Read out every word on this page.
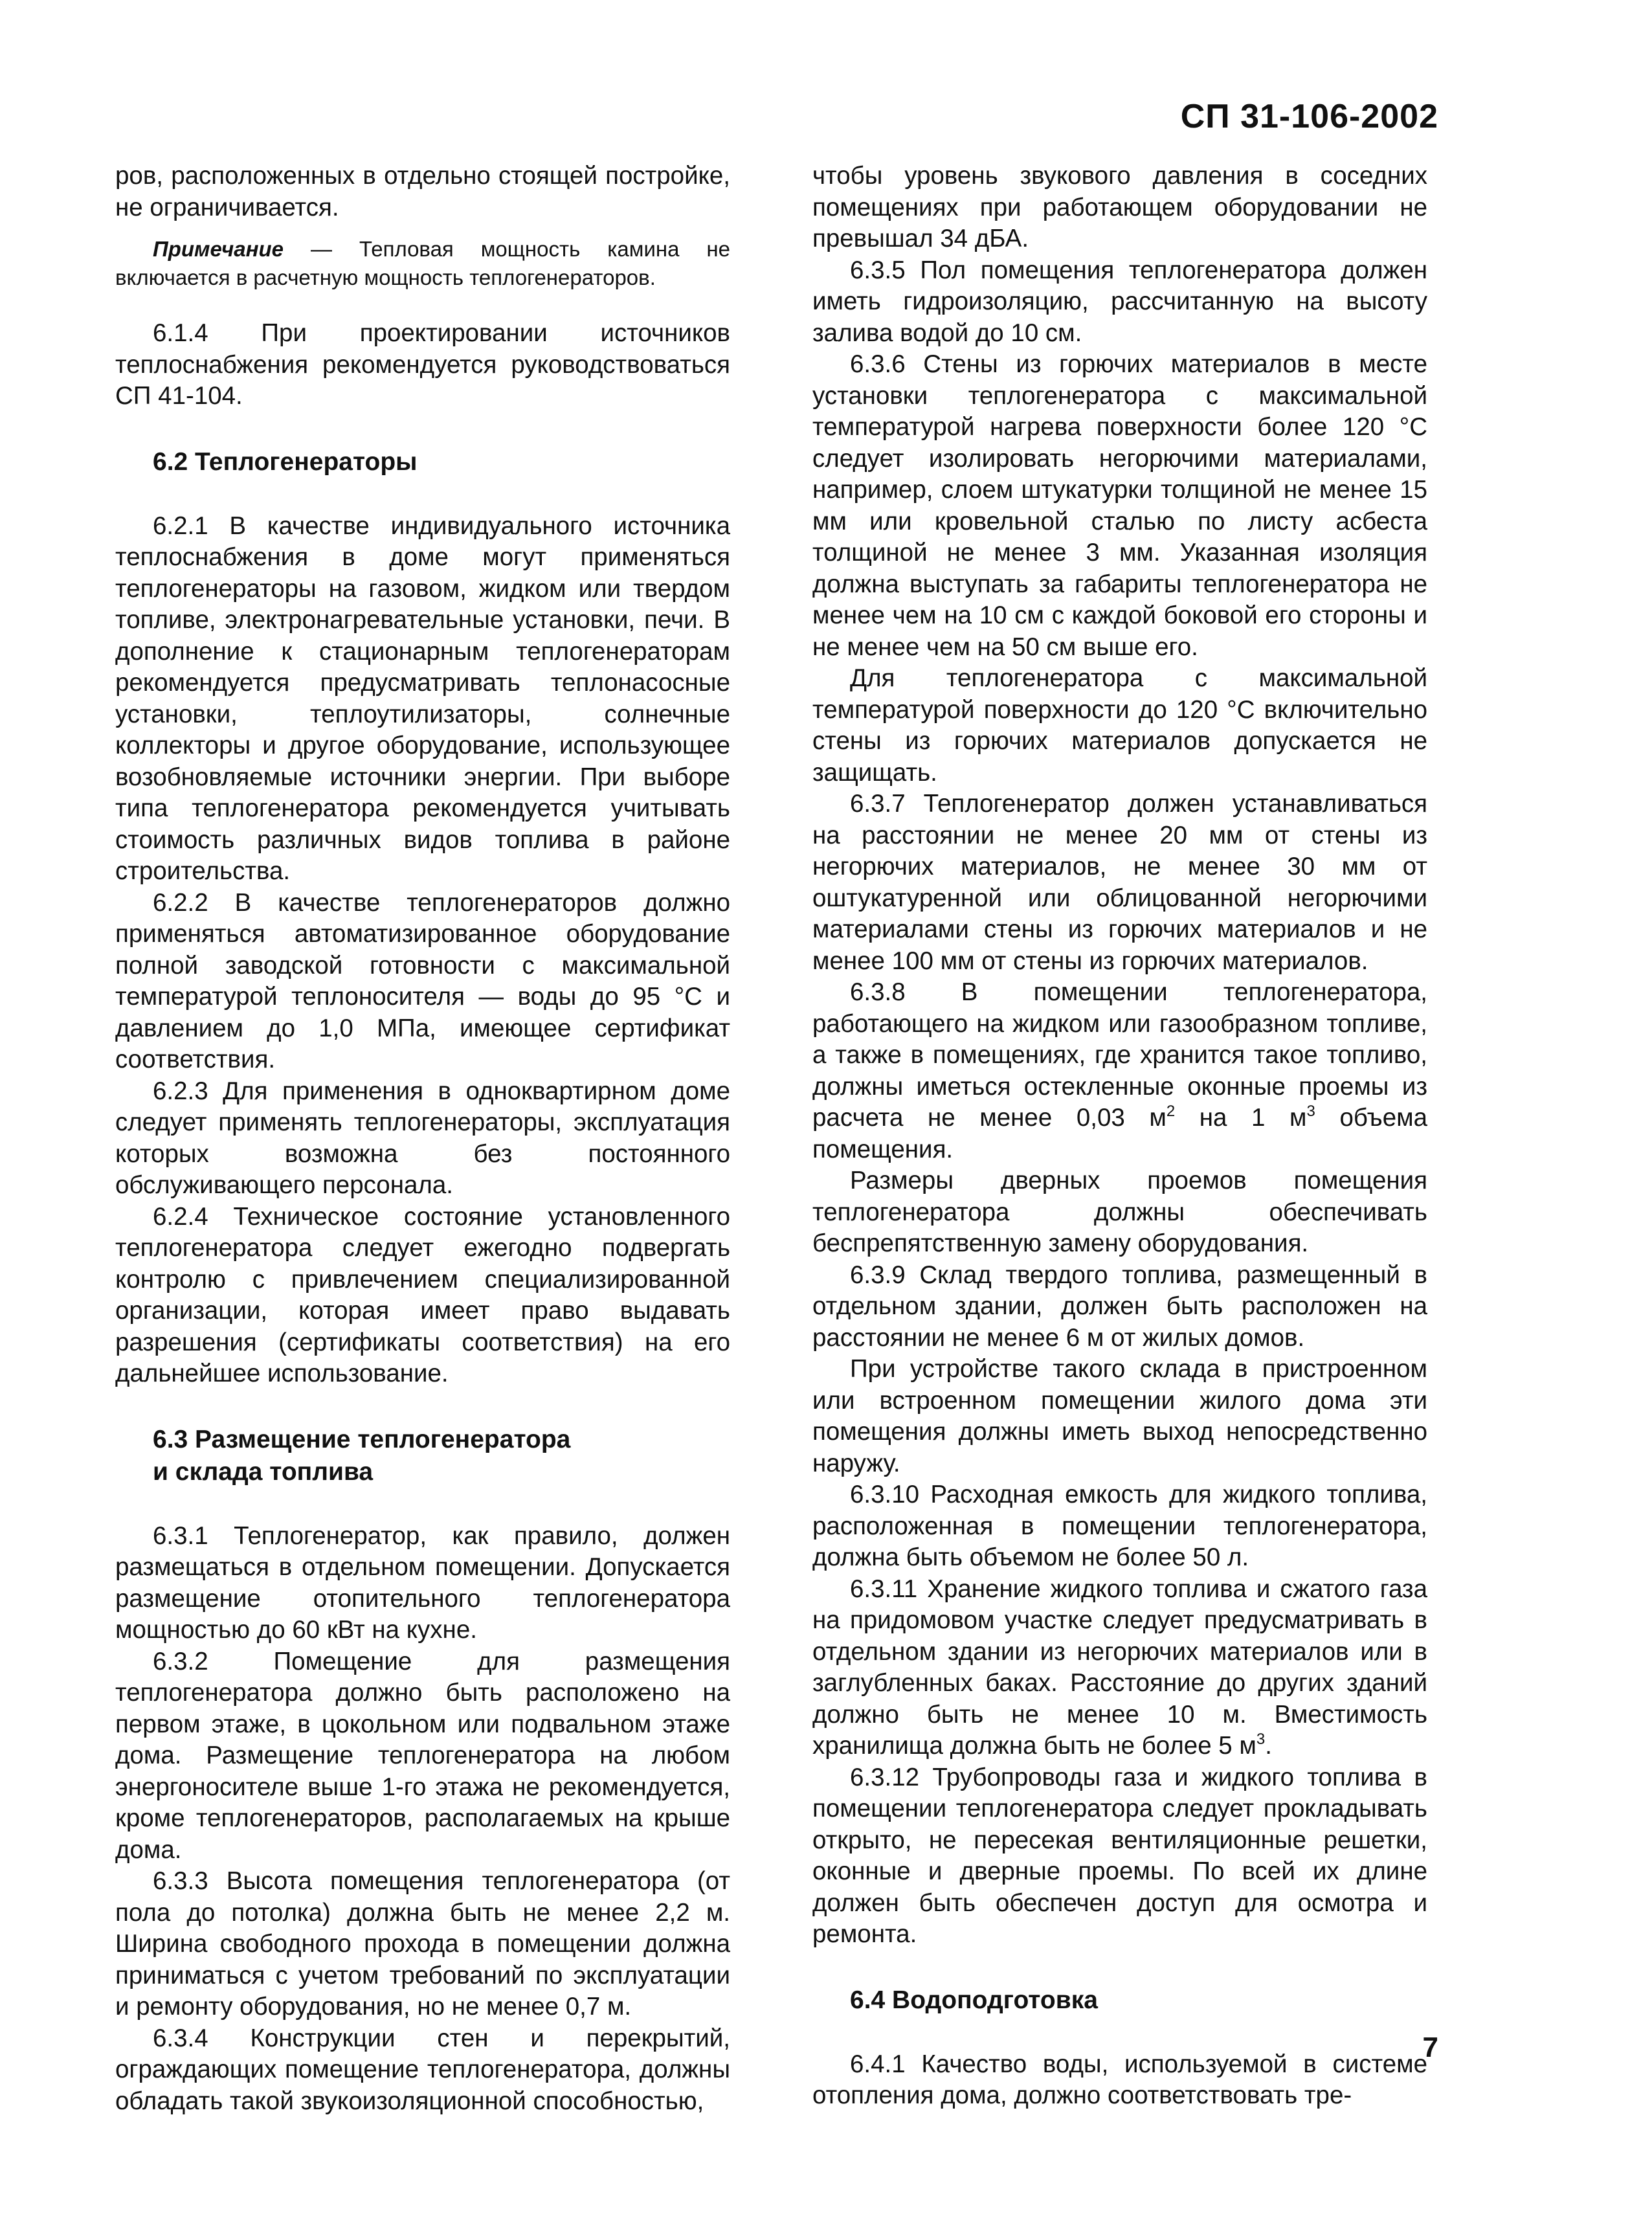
СП 31-106-2002

ров, расположенных в отдельно стоящей постройке, не ограничивается.

Примечание — Тепловая мощность камина не включается в расчетную мощность теплогенераторов.

6.1.4 При проектировании источников теплоснабжения рекомендуется руководствоваться СП 41-104.

6.2 Теплогенераторы

6.2.1 В качестве индивидуального источника теплоснабжения в доме могут применяться теплогенераторы на газовом, жидком или твердом топливе, электронагревательные установки, печи. В дополнение к стационарным теплогенераторам рекомендуется предусматривать теплонасосные установки, теплоутилизаторы, солнечные коллекторы и другое оборудование, использующее возобновляемые источники энергии. При выборе типа теплогенератора рекомендуется учитывать стоимость различных видов топлива в районе строительства.

6.2.2 В качестве теплогенераторов должно применяться автоматизированное оборудование полной заводской готовности с максимальной температурой теплоносителя — воды до 95 °С и давлением до 1,0 МПа, имеющее сертификат соответствия.

6.2.3 Для применения в одноквартирном доме следует применять теплогенераторы, эксплуатация которых возможна без постоянного обслуживающего персонала.

6.2.4 Техническое состояние установленного теплогенератора следует ежегодно подвергать контролю с привлечением специализированной организации, которая имеет право выдавать разрешения (сертификаты соответствия) на его дальнейшее использование.

6.3 Размещение теплогенератора
и склада топлива

6.3.1 Теплогенератор, как правило, должен размещаться в отдельном помещении. Допускается размещение отопительного теплогенератора мощностью до 60 кВт на кухне.

6.3.2 Помещение для размещения теплогенератора должно быть расположено на первом этаже, в цокольном или подвальном этаже дома. Размещение теплогенератора на любом энергоносителе выше 1-го этажа не рекомендуется, кроме теплогенераторов, располагаемых на крыше дома.

6.3.3 Высота помещения теплогенератора (от пола до потолка) должна быть не менее 2,2 м. Ширина свободного прохода в помещении должна приниматься с учетом требований по эксплуатации и ремонту оборудования, но не менее 0,7 м.

6.3.4 Конструкции стен и перекрытий, ограждающих помещение теплогенератора, должны обладать такой звукоизоляционной способностью,

чтобы уровень звукового давления в соседних помещениях при работающем оборудовании не превышал 34 дБА.

6.3.5 Пол помещения теплогенератора должен иметь гидроизоляцию, рассчитанную на высоту залива водой до 10 см.

6.3.6 Стены из горючих материалов в месте установки теплогенератора с максимальной температурой нагрева поверхности более 120 °С следует изолировать негорючими материалами, например, слоем штукатурки толщиной не менее 15 мм или кровельной сталью по листу асбеста толщиной не менее 3 мм. Указанная изоляция должна выступать за габариты теплогенератора не менее чем на 10 см с каждой боковой его стороны и не менее чем на 50 см выше его.

Для теплогенератора с максимальной температурой поверхности до 120 °С включительно стены из горючих материалов допускается не защищать.

6.3.7 Теплогенератор должен устанавливаться на расстоянии не менее 20 мм от стены из негорючих материалов, не менее 30 мм от оштукатуренной или облицованной негорючими материалами стены из горючих материалов и не менее 100 мм от стены из горючих материалов.

6.3.8 В помещении теплогенератора, работающего на жидком или газообразном топливе, а также в помещениях, где хранится такое топливо, должны иметься остекленные оконные проемы из расчета не менее 0,03 $м^2$ на 1 $м^3$ объема помещения.

Размеры дверных проемов помещения теплогенератора должны обеспечивать беспрепятственную замену оборудования.

6.3.9 Склад твердого топлива, размещенный в отдельном здании, должен быть расположен на расстоянии не менее 6 м от жилых домов.

При устройстве такого склада в пристроенном или встроенном помещении жилого дома эти помещения должны иметь выход непосредственно наружу.

6.3.10 Расходная емкость для жидкого топлива, расположенная в помещении теплогенератора, должна быть объемом не более 50 л.

6.3.11 Хранение жидкого топлива и сжатого газа на придомовом участке следует предусматривать в отдельном здании из негорючих материалов или в заглубленных баках. Расстояние до других зданий должно быть не менее 10 м. Вместимость хранилища должна быть не более 5 $м^3$.

6.3.12 Трубопроводы газа и жидкого топлива в помещении теплогенератора следует прокладывать открыто, не пересекая вентиляционные решетки, оконные и дверные проемы. По всей их длине должен быть обеспечен доступ для осмотра и ремонта.

6.4 Водоподготовка

6.4.1 Качество воды, используемой в системе отопления дома, должно соответствовать тре-

7
